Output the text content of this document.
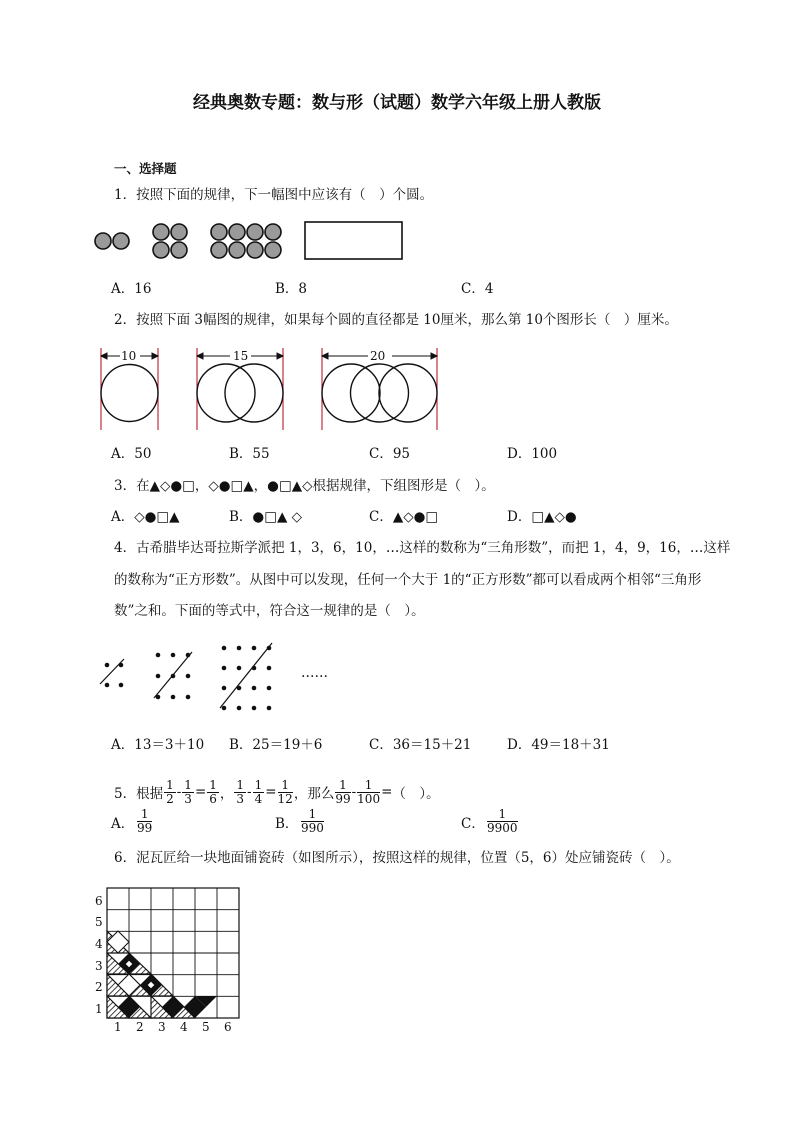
经典奥数专题：数与形（试题）数学六年级上册人教版
一、选择题
1．按照下面的规律，下一幅图中应该有（　）个圆。
A．16	B．8	C．4
2．按照下面 3幅图的规律，如果每个圆的直径都是 10厘米，那么第 10个图形长（　）厘米。
10	15	20
A．50	B．55	C．95	D．100
3．在▲◇●□，◇●□▲，●□▲◇根据规律，下组图形是（　）。
A．◇●□▲	B．●□▲ ◇	C．▲◇●□	D．□▲◇●
4．古希腊毕达哥拉斯学派把 1，3，6，10，…这样的数称为“三角形数”，而把 1，4，9，16，…这样
的数称为“正方形数”。从图中可以发现，任何一个大于 1的“正方形数”都可以看成两个相邻“三角形
数”之和。下面的等式中，符合这一规律的是（　）。
……
A．13＝3＋10 B．25＝19＋6	C．36＝15＋21	D．49＝18＋31
5．根据 $\frac{1}{2} - \frac{1}{3} = \frac{1}{6}$ ， $\frac{1}{3} - \frac{1}{4} = \frac{1}{12}$ ，那么 $\frac{1}{99} - \frac{1}{100}$ = （　）。
A．
1
99	B．
1
990	C．
1
9900
6．泥瓦匠给一块地面铺瓷砖（如图所示），按照这样的规律，位置（5，6）处应铺瓷砖（　）。
6
5
4
3
2
1
1 2 3 4 5 6
